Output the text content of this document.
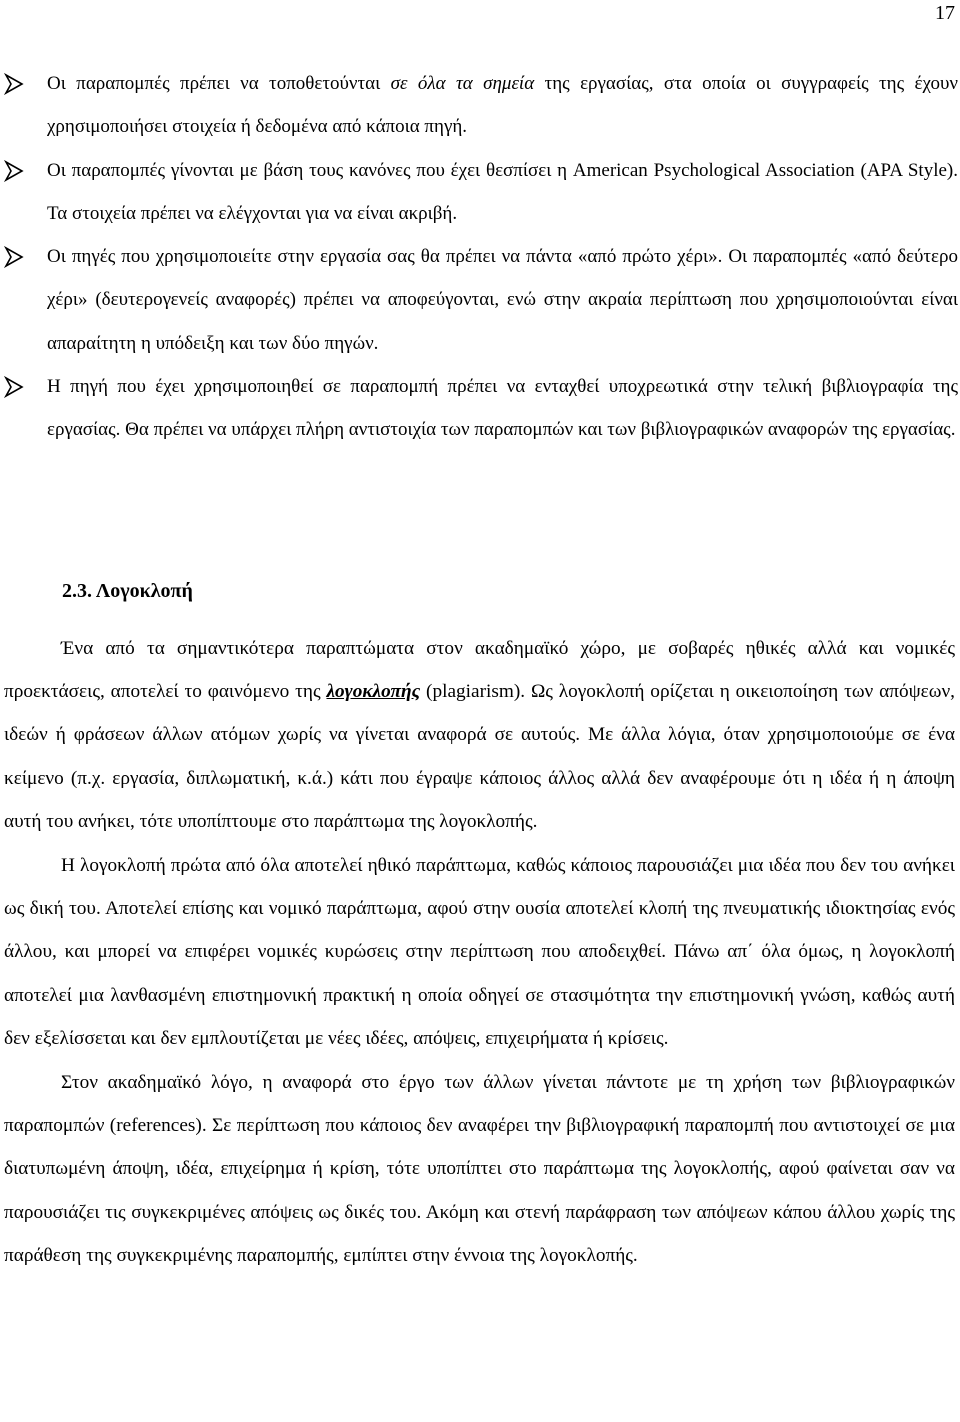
17
Οι παραπομπές πρέπει να τοποθετούνται σε όλα τα σημεία της εργασίας, στα οποία οι συγγραφείς της έχουν χρησιμοποιήσει στοιχεία ή δεδομένα από κάποια πηγή.
Οι παραπομπές γίνονται με βάση τους κανόνες που έχει θεσπίσει η American Psychological Association (APA Style). Τα στοιχεία πρέπει να ελέγχονται για να είναι ακριβή.
Οι πηγές που χρησιμοποιείτε στην εργασία σας θα πρέπει να πάντα «από πρώτο χέρι». Οι παραπομπές «από δεύτερο χέρι» (δευτερογενείς αναφορές) πρέπει να αποφεύγονται, ενώ στην ακραία περίπτωση που χρησιμοποιούνται είναι απαραίτητη η υπόδειξη και των δύο πηγών.
Η πηγή που έχει χρησιμοποιηθεί σε παραπομπή πρέπει να ενταχθεί υποχρεωτικά στην τελική βιβλιογραφία της εργασίας. Θα πρέπει να υπάρχει πλήρη αντιστοιχία των παραπομπών και των βιβλιογραφικών αναφορών της εργασίας.
2.3. Λογοκλοπή

Ένα από τα σημαντικότερα παραπτώματα στον ακαδημαϊκό χώρο, με σοβαρές ηθικές αλλά και νομικές προεκτάσεις, αποτελεί το φαινόμενο της λογοκλοπής (plagiarism). Ως λογοκλοπή ορίζεται η οικειοποίηση των απόψεων, ιδεών ή φράσεων άλλων ατόμων χωρίς να γίνεται αναφορά σε αυτούς. Με άλλα λόγια, όταν χρησιμοποιούμε σε ένα κείμενο (π.χ. εργασία, διπλωματική, κ.ά.) κάτι που έγραψε κάποιος άλλος αλλά δεν αναφέρουμε ότι η ιδέα ή η άποψη αυτή του ανήκει, τότε υποπίπτουμε στο παράπτωμα της λογοκλοπής.

Η λογοκλοπή πρώτα από όλα αποτελεί ηθικό παράπτωμα, καθώς κάποιος παρουσιάζει μια ιδέα που δεν του ανήκει ως δική του. Αποτελεί επίσης και νομικό παράπτωμα, αφού στην ουσία αποτελεί κλοπή της πνευματικής ιδιοκτησίας ενός άλλου, και μπορεί να επιφέρει νομικές κυρώσεις στην περίπτωση που αποδειχθεί. Πάνω απ΄ όλα όμως, η λογοκλοπή αποτελεί μια λανθασμένη επιστημονική πρακτική η οποία οδηγεί σε στασιμότητα την επιστημονική γνώση, καθώς αυτή δεν εξελίσσεται και δεν εμπλουτίζεται με νέες ιδέες, απόψεις, επιχειρήματα ή κρίσεις.

Στον ακαδημαϊκό λόγο, η αναφορά στο έργο των άλλων γίνεται πάντοτε με τη χρήση των βιβλιογραφικών παραπομπών (references). Σε περίπτωση που κάποιος δεν αναφέρει την βιβλιογραφική παραπομπή που αντιστοιχεί σε μια διατυπωμένη άποψη, ιδέα, επιχείρημα ή κρίση, τότε υποπίπτει στο παράπτωμα της λογοκλοπής, αφού φαίνεται σαν να παρουσιάζει τις συγκεκριμένες απόψεις ως δικές του. Ακόμη και στενή παράφραση των απόψεων κάπου άλλου χωρίς της παράθεση της συγκεκριμένης παραπομπής, εμπίπτει στην έννοια της λογοκλοπής.
